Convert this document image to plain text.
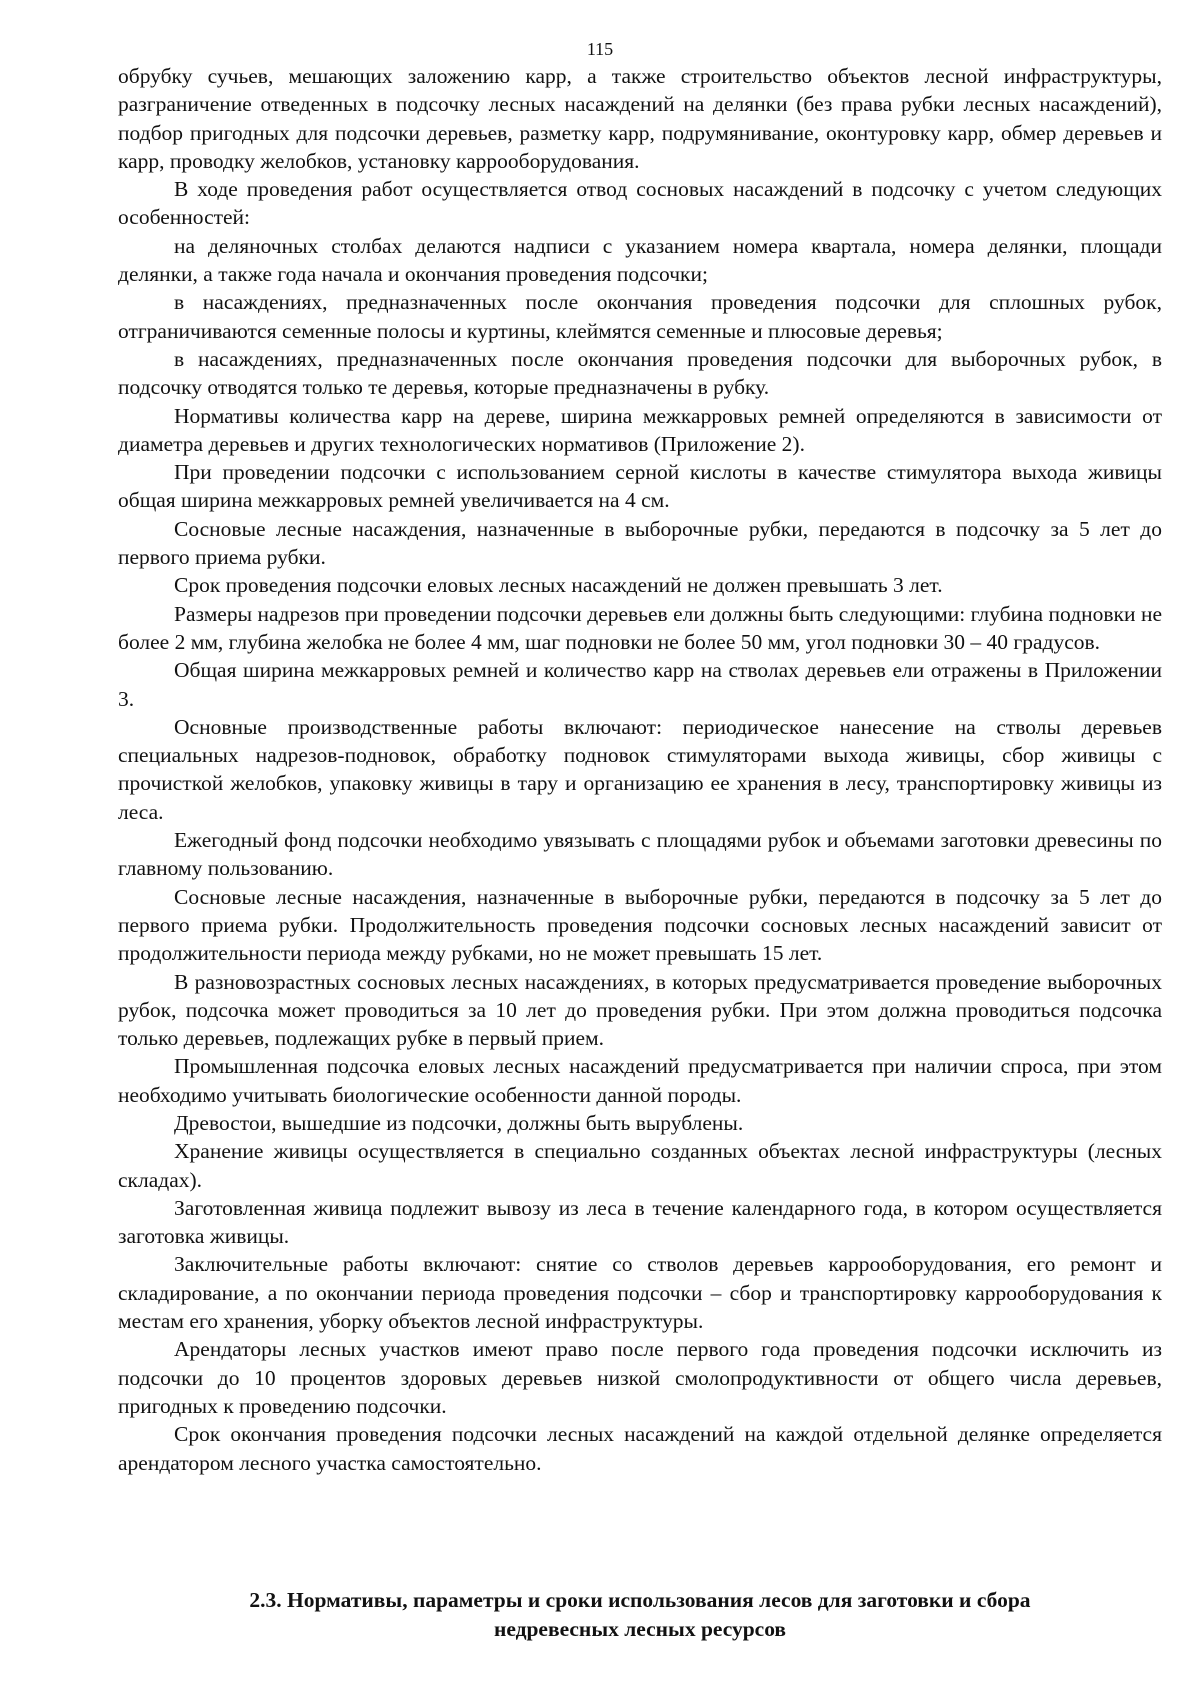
115

обрубку сучьев, мешающих заложению карр, а также строительство объектов лесной инфраструктуры, разграничение отведенных в подсочку лесных насаждений на делянки (без права рубки лесных насаждений), подбор пригодных для подсочки деревьев, разметку карр, подрумянивание, оконтуровку карр, обмер деревьев и карр, проводку желобков, установку каррооборудования.

В ходе проведения работ осуществляется отвод сосновых насаждений в подсочку с учетом следующих особенностей:

на деляночных столбах делаются надписи с указанием номера квартала, номера делянки, площади делянки, а также года начала и окончания проведения подсочки;

в насаждениях, предназначенных после окончания проведения подсочки для сплошных рубок, отграничиваются семенные полосы и куртины, клеймятся семенные и плюсовые деревья;

в насаждениях, предназначенных после окончания проведения подсочки для выборочных рубок, в подсочку отводятся только те деревья, которые предназначены в рубку.

Нормативы количества карр на дереве, ширина межкарровых ремней определяются в зависимости от диаметра деревьев и других технологических нормативов (Приложение 2).

При проведении подсочки с использованием серной кислоты в качестве стимулятора выхода живицы общая ширина межкарровых ремней увеличивается на 4 см.

Сосновые лесные насаждения, назначенные в выборочные рубки, передаются в подсочку за 5 лет до первого приема рубки.

Срок проведения подсочки еловых лесных насаждений не должен превышать 3 лет.

Размеры надрезов при проведении подсочки деревьев ели должны быть следующими: глубина подновки не более 2 мм, глубина желобка не более 4 мм, шаг подновки не более 50 мм, угол подновки 30 – 40 градусов.

Общая ширина межкарровых ремней и количество карр на стволах деревьев ели отражены в Приложении 3.

Основные производственные работы включают: периодическое нанесение на стволы деревьев специальных надрезов-подновок, обработку подновок стимуляторами выхода живицы, сбор живицы с прочисткой желобков, упаковку живицы в тару и организацию ее хранения в лесу, транспортировку живицы из леса.

Ежегодный фонд подсочки необходимо увязывать с площадями рубок и объемами заготовки древесины по главному пользованию.

Сосновые лесные насаждения, назначенные в выборочные рубки, передаются в подсочку за 5 лет до первого приема рубки. Продолжительность проведения подсочки сосновых лесных насаждений зависит от продолжительности периода между рубками, но не может превышать 15 лет.

В разновозрастных сосновых лесных насаждениях, в которых предусматривается проведение выборочных рубок, подсочка может проводиться за 10 лет до проведения рубки. При этом должна проводиться подсочка только деревьев, подлежащих рубке в первый прием.

Промышленная подсочка еловых лесных насаждений предусматривается при наличии спроса, при этом необходимо учитывать биологические особенности данной породы.

Древостои, вышедшие из подсочки, должны быть вырублены.

Хранение живицы осуществляется в специально созданных объектах лесной инфраструктуры (лесных складах).

Заготовленная живица подлежит вывозу из леса в течение календарного года, в котором осуществляется заготовка живицы.

Заключительные работы включают: снятие со стволов деревьев каррооборудования, его ремонт и складирование, а по окончании периода проведения подсочки – сбор и транспортировку каррооборудования к местам его хранения, уборку объектов лесной инфраструктуры.

Арендаторы лесных участков имеют право после первого года проведения подсочки исключить из подсочки до 10 процентов здоровых деревьев низкой смолопродуктивности от общего числа деревьев, пригодных к проведению подсочки.

Срок окончания проведения подсочки лесных насаждений на каждой отдельной делянке определяется арендатором лесного участка самостоятельно.

2.3. Нормативы, параметры и сроки использования лесов для заготовки и сбора
недревесных лесных ресурсов
